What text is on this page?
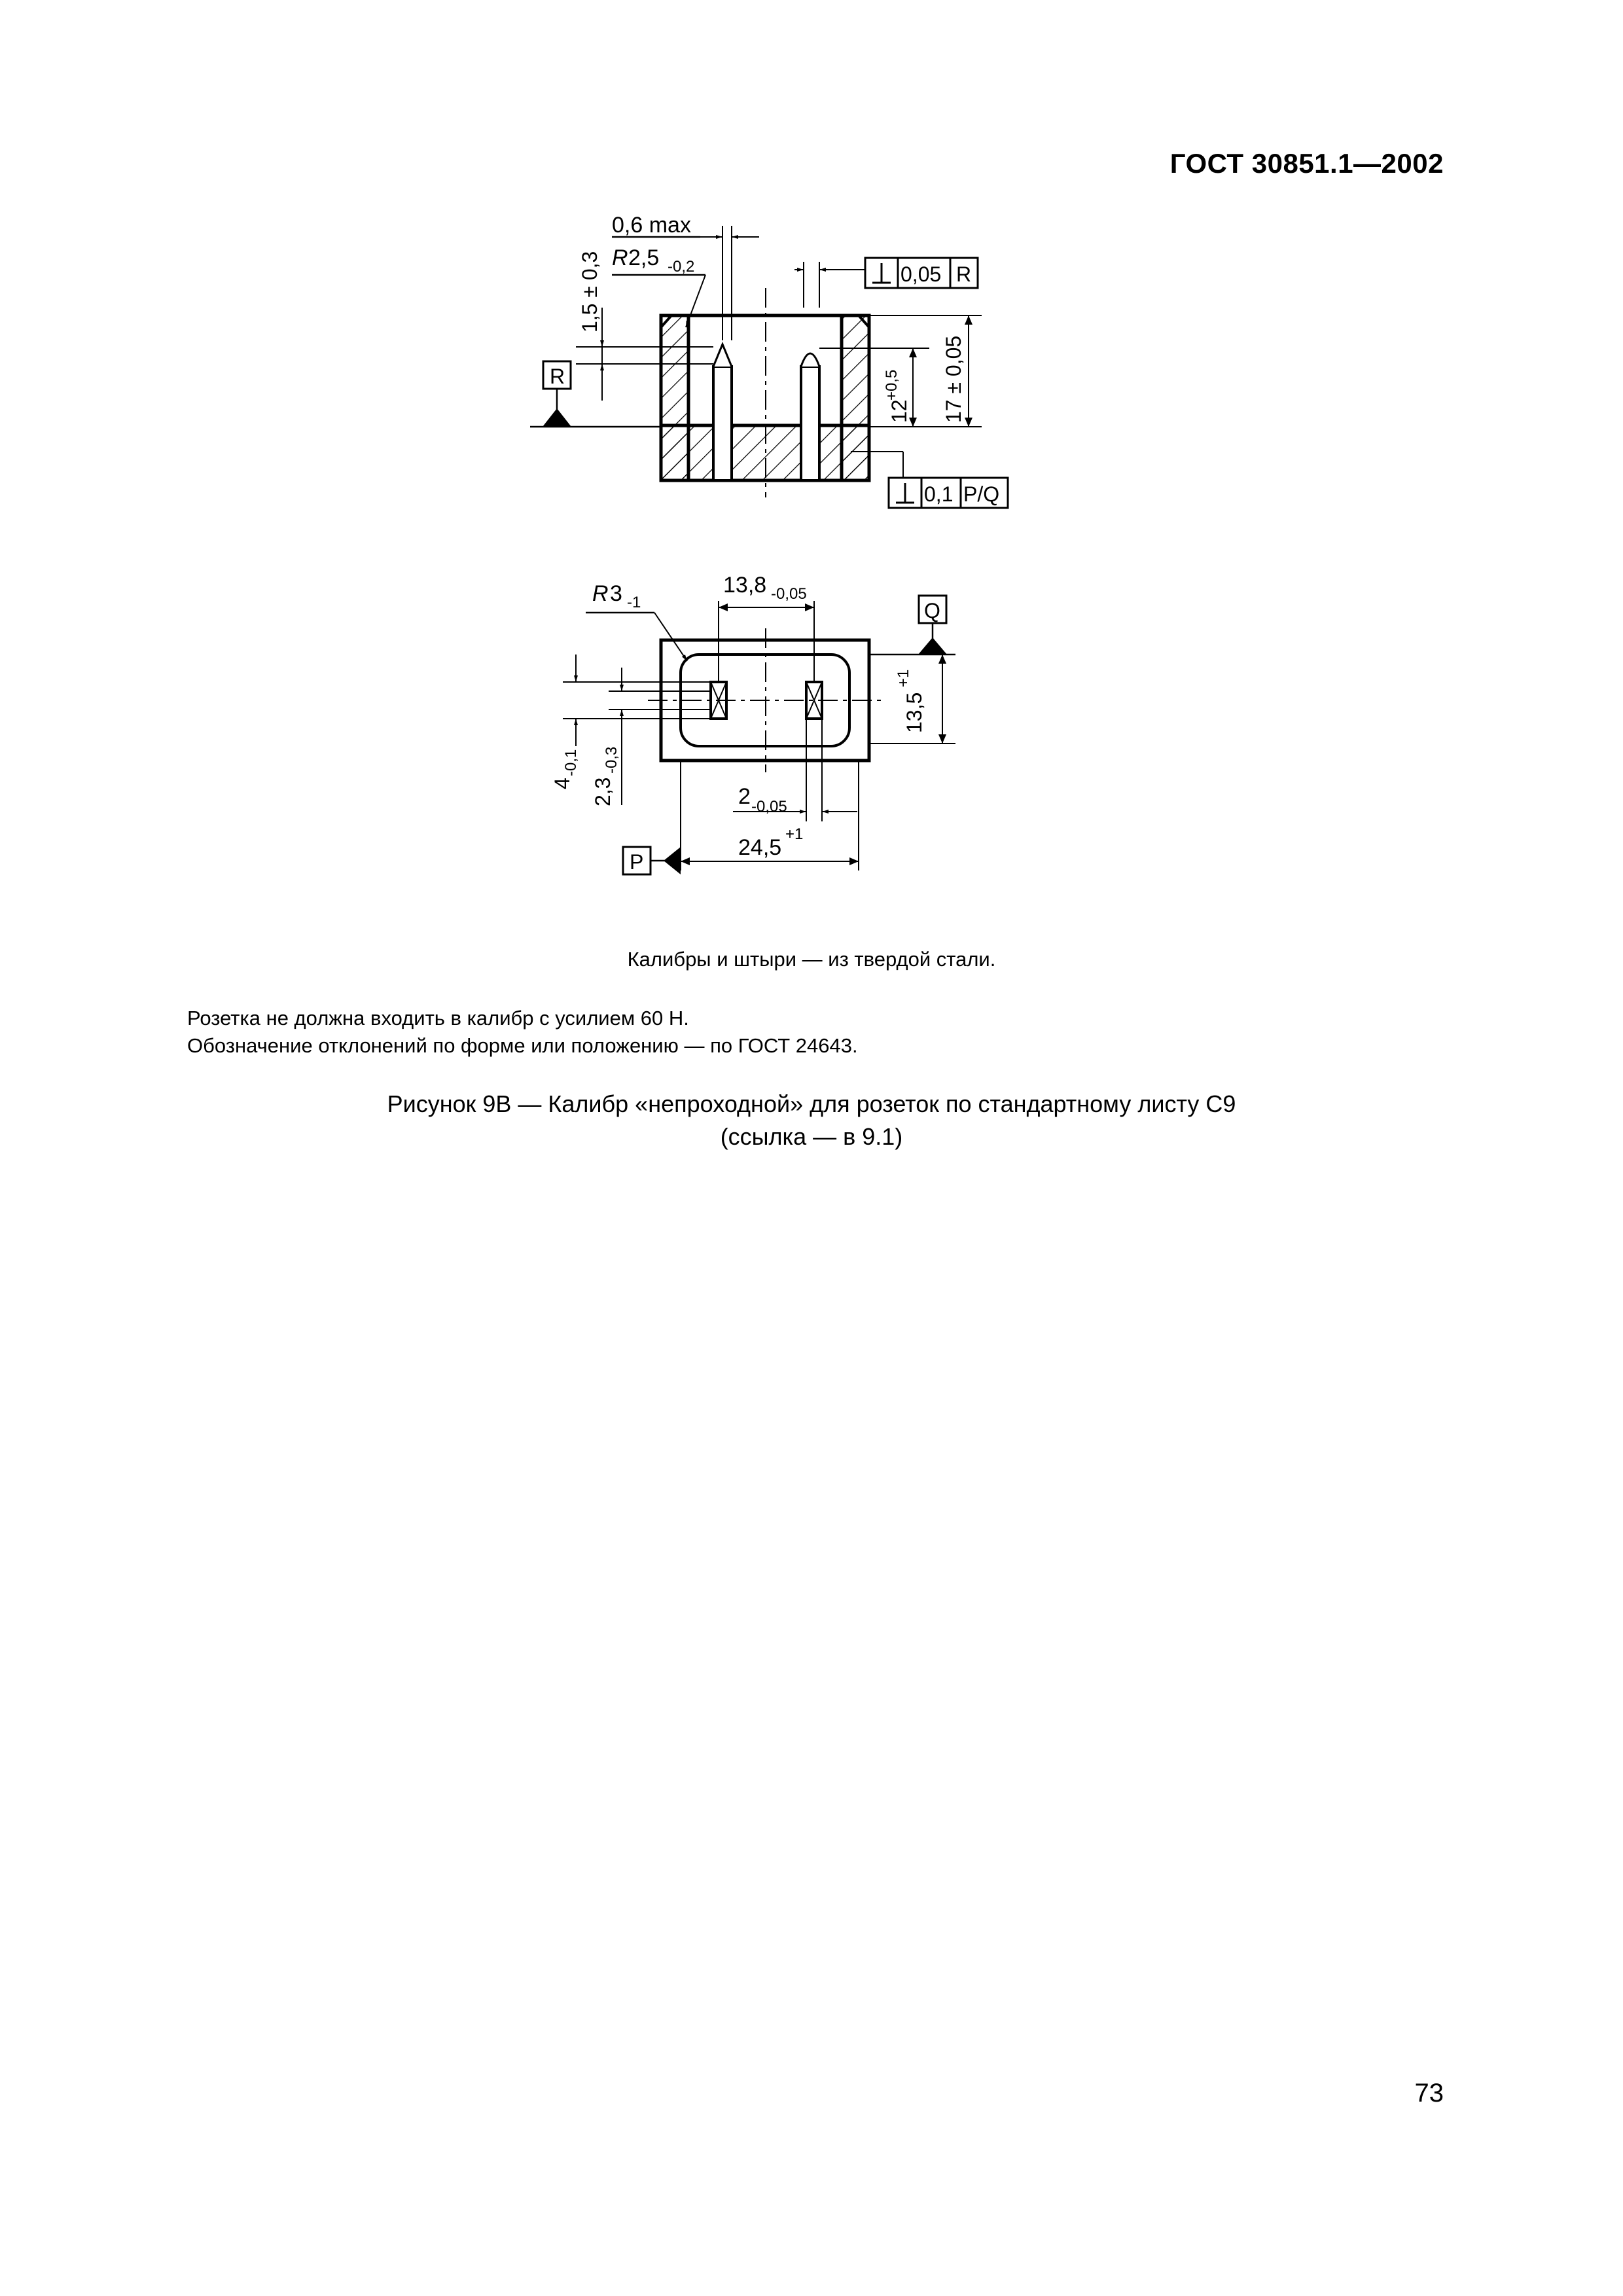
ГОСТ 30851.1—2002
0,6 max
R 2,5 -0,2
1,5 ± 0,3
R
0,05 R
12
+0,5 17 ± 0,05
0,1 P/Q
R 3 -1
13,8 -0,05
Q
13,5
+1
4
-0,1
2,3
-0,3
2 -0,05
24,5
+1
P
Калибры и штыри — из твердой стали.
Розетка не должна входить в калибр с усилием 60 Н.
Обозначение отклонений по форме или положению — по ГОСТ 24643.
Рисунок 9В — Калибр «непроходной» для розеток по стандартному листу С9
(ссылка — в 9.1)
73
